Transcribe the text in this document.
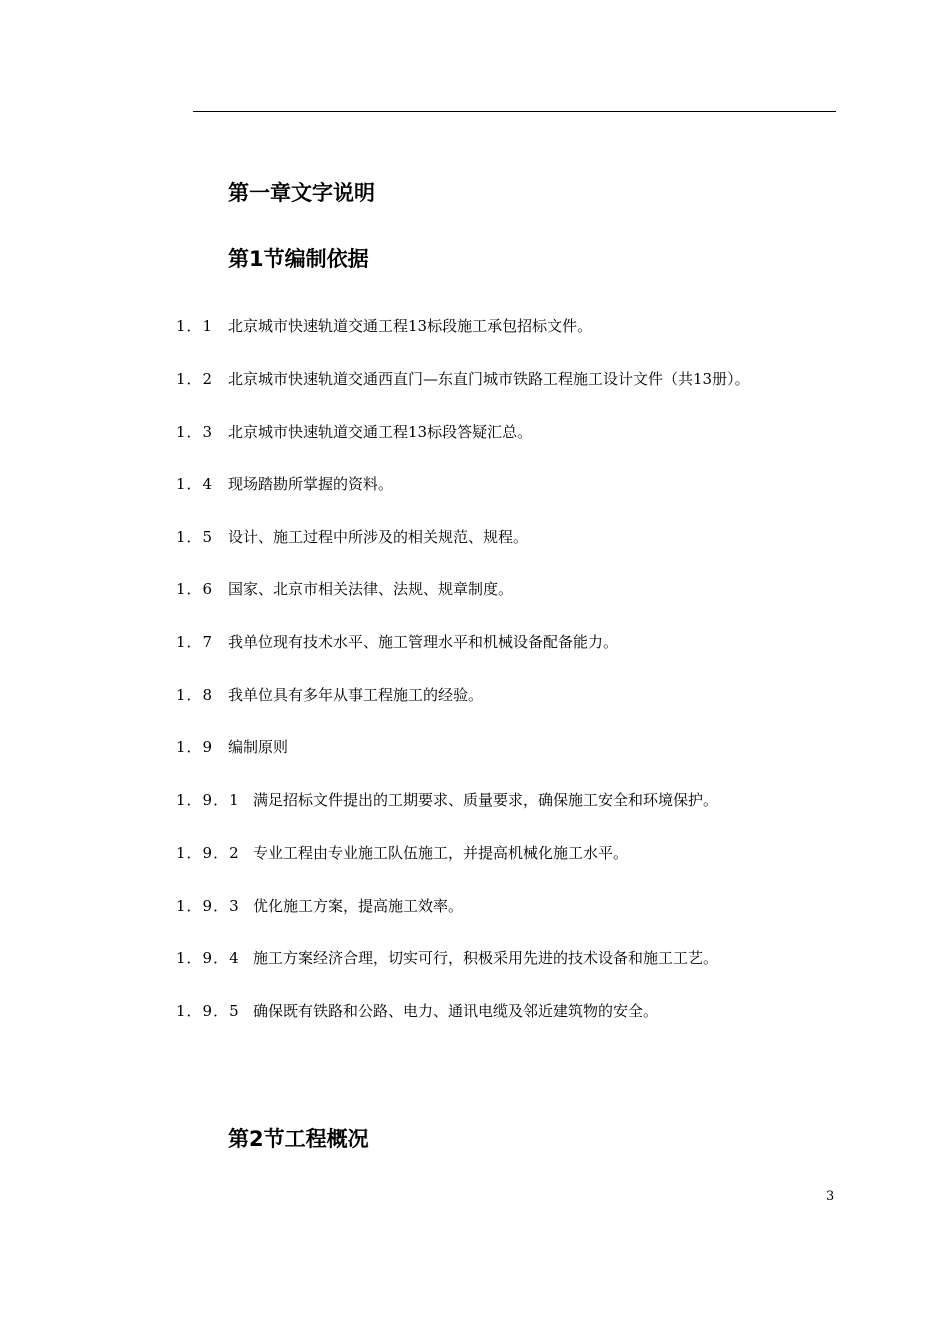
第一章文字说明
第1节编制依据
1．1 北京城市快速轨道交通工程13标段施工承包招标文件。
1．2 北京城市快速轨道交通西直门—东直门城市铁路工程施工设计文件（共13册）。
1．3 北京城市快速轨道交通工程13标段答疑汇总。
1．4 现场踏勘所掌握的资料。
1．5 设计、施工过程中所涉及的相关规范、规程。
1．6 国家、北京市相关法律、法规、规章制度。
1．7 我单位现有技术水平、施工管理水平和机械设备配备能力。
1．8 我单位具有多年从事工程施工的经验。
1．9 编制原则
1．9．1 满足招标文件提出的工期要求、质量要求，确保施工安全和环境保护。
1．9．2 专业工程由专业施工队伍施工，并提高机械化施工水平。
1．9．3 优化施工方案，提高施工效率。
1．9．4 施工方案经济合理，切实可行，积极采用先进的技术设备和施工工艺。
1．9．5 确保既有铁路和公路、电力、通讯电缆及邻近建筑物的安全。
第2节工程概况
3
